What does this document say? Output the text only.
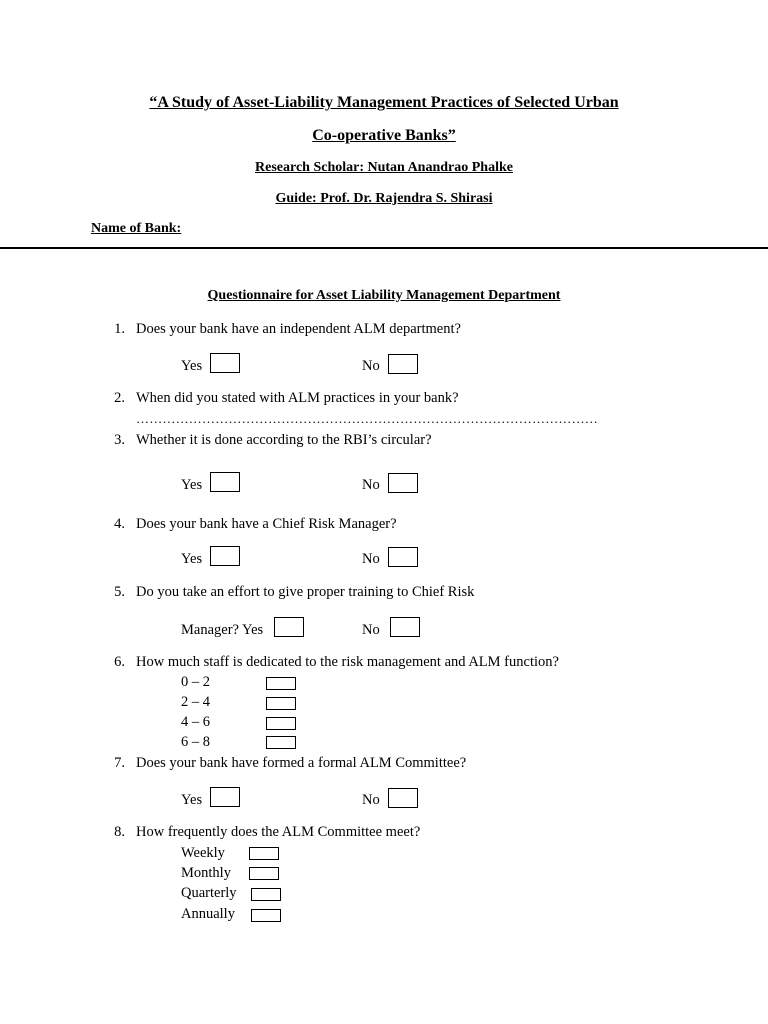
“A Study of Asset-Liability Management Practices of Selected Urban
Co-operative Banks”
Research Scholar: Nutan Anandrao Phalke
Guide: Prof. Dr. Rajendra S. Shirasi
Name of Bank:
Questionnaire for Asset Liability Management Department
1. Does your bank have an independent ALM department?
Yes	No
2. When did you stated with ALM practices in your bank?
……………………………………………………………………………………………
3. Whether it is done according to the RBI’s circular?
Yes	No
4. Does your bank have a Chief Risk Manager?
Yes	No
5. Do you take an effort to give proper training to Chief Risk
Manager? Yes	No
6. How much staff is dedicated to the risk management and ALM function?
0 – 2
2 – 4
4 – 6
6 – 8
7. Does your bank have formed a formal ALM Committee?
Yes	No
8. How frequently does the ALM Committee meet?
Weekly
Monthly
Quarterly
Annually
